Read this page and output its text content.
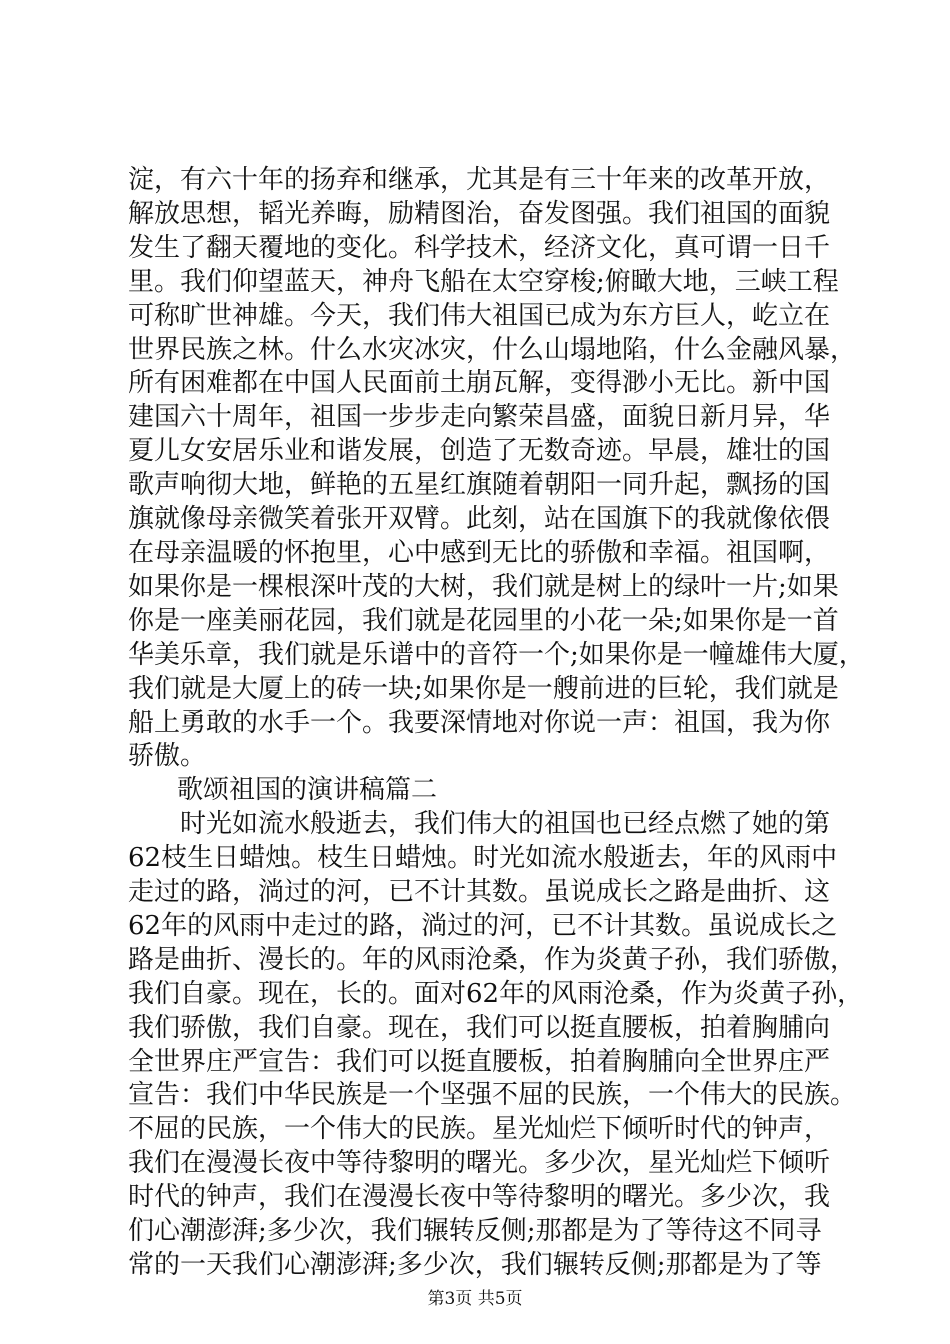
淀，有六十年的扬弃和继承，尤其是有三十年来的改革开放，
解放思想，韬光养晦，励精图治，奋发图强。我们祖国的面貌
发生了翻天覆地的变化。科学技术，经济文化，真可谓一日千
里。我们仰望蓝天，神舟飞船在太空穿梭;俯瞰大地，三峡工程
可称旷世神雄。今天，我们伟大祖国已成为东方巨人，屹立在
世界民族之林。什么水灾冰灾，什么山塌地陷，什么金融风暴，
所有困难都在中国人民面前土崩瓦解，变得渺小无比。新中国
建国六十周年，祖国一步步走向繁荣昌盛，面貌日新月异，华
夏儿女安居乐业和谐发展，创造了无数奇迹。早晨，雄壮的国
歌声响彻大地，鲜艳的五星红旗随着朝阳一同升起，飘扬的国
旗就像母亲微笑着张开双臂。此刻，站在国旗下的我就像依偎
在母亲温暖的怀抱里，心中感到无比的骄傲和幸福。祖国啊，
如果你是一棵根深叶茂的大树，我们就是树上的绿叶一片;如果
你是一座美丽花园，我们就是花园里的小花一朵;如果你是一首
华美乐章，我们就是乐谱中的音符一个;如果你是一幢雄伟大厦，
我们就是大厦上的砖一块;如果你是一艘前进的巨轮，我们就是
船上勇敢的水手一个。我要深情地对你说一声：祖国，我为你
骄傲。
歌颂祖国的演讲稿篇二
　　时光如流水般逝去，我们伟大的祖国也已经点燃了她的第
62枝生日蜡烛。枝生日蜡烛。时光如流水般逝去，年的风雨中
走过的路，淌过的河，已不计其数。虽说成长之路是曲折、这
62年的风雨中走过的路，淌过的河，已不计其数。虽说成长之
路是曲折、漫长的。年的风雨沧桑，作为炎黄子孙，我们骄傲，
我们自豪。现在，长的。面对62年的风雨沧桑，作为炎黄子孙，
我们骄傲，我们自豪。现在，我们可以挺直腰板，拍着胸脯向
全世界庄严宣告：我们可以挺直腰板，拍着胸脯向全世界庄严
宣告：我们中华民族是一个坚强不屈的民族，一个伟大的民族。
不屈的民族，一个伟大的民族。星光灿烂下倾听时代的钟声，
我们在漫漫长夜中等待黎明的曙光。多少次，星光灿烂下倾听
时代的钟声，我们在漫漫长夜中等待黎明的曙光。多少次，我
们心潮澎湃;多少次，我们辗转反侧;那都是为了等待这不同寻
常的一天我们心潮澎湃;多少次，我们辗转反侧;那都是为了等
第3页 共5页
